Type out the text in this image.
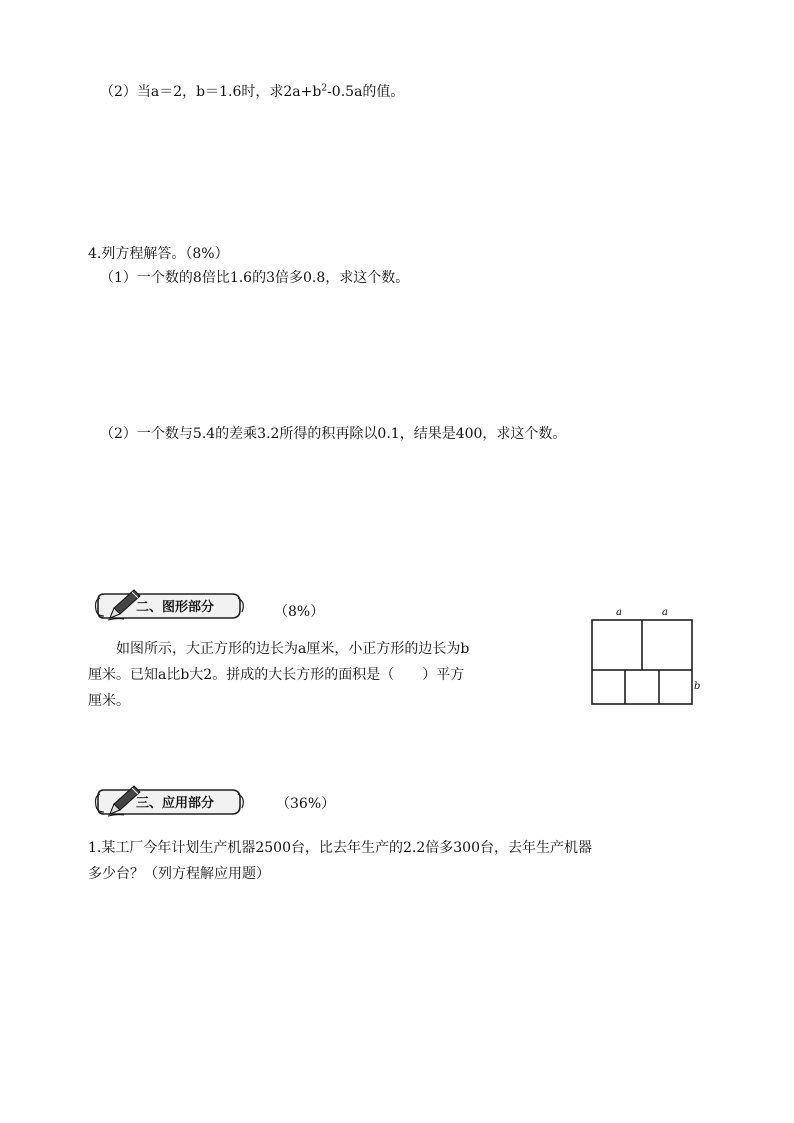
（2）当a＝2，b＝1.6时，求$2a+b^2-0.5a$的值。
4.列方程解答。（8%）
（1）一个数的8倍比1.6的3倍多0.8，求这个数。
（2）一个数与5.4的差乘3.2所得的积再除以0.1，结果是400，求这个数。
二、图形部分	（8%）
如图所示，大正方形的边长为a厘米，小正方形的边长为b
厘米。已知a比b大2。拼成的大长方形的面积是（　　）平方
厘米。
a	a
b
三、应用部分	（36%）
1.某工厂今年计划生产机器2500台，比去年生产的2.2倍多300台，去年生产机器
多少台？（列方程解应用题）
